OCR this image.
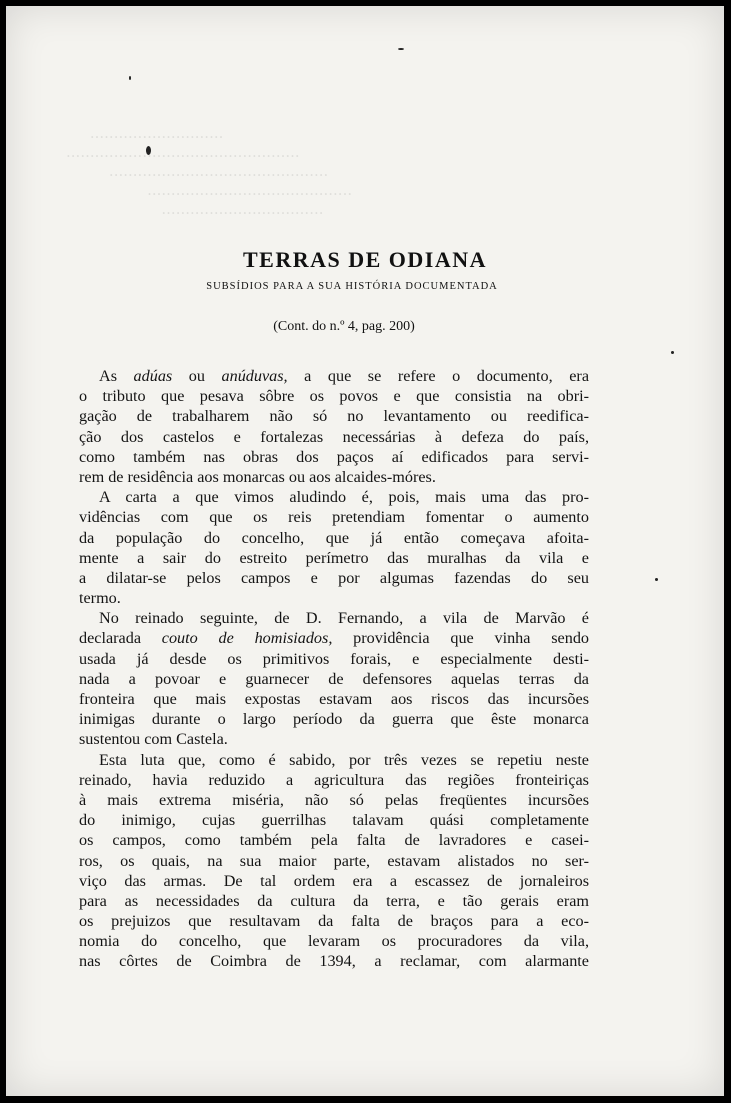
............................
.................................................
..............................................
...........................................
..................................
TERRAS DE ODIANA
SUBSÍDIOS PARA A SUA HISTÓRIA DOCUMENTADA
(Cont. do n.º 4, pag. 200)
As adúas ou anúduvas, a que se refere o documento, era
o tributo que pesava sôbre os povos e que consistia na obri-
gação de trabalharem não só no levantamento ou reedifica-
ção dos castelos e fortalezas necessárias à defeza do país,
como também nas obras dos paços aí edificados para servi-
rem de residência aos monarcas ou aos alcaides-móres.
A carta a que vimos aludindo é, pois, mais uma das pro-
vidências com que os reis pretendiam fomentar o aumento
da população do concelho, que já então começava afoita-
mente a sair do estreito perímetro das muralhas da vila e
a dilatar-se pelos campos e por algumas fazendas do seu
termo.
No reinado seguinte, de D. Fernando, a vila de Marvão é
declarada couto de homisiados, providência que vinha sendo
usada já desde os primitivos forais, e especialmente desti-
nada a povoar e guarnecer de defensores aquelas terras da
fronteira que mais expostas estavam aos riscos das incursões
inimigas durante o largo período da guerra que êste monarca
sustentou com Castela.
Esta luta que, como é sabido, por três vezes se repetiu neste
reinado, havia reduzido a agricultura das regiões fronteiriças
à mais extrema miséria, não só pelas freqüentes incursões
do inimigo, cujas guerrilhas talavam quási completamente
os campos, como também pela falta de lavradores e casei-
ros, os quais, na sua maior parte, estavam alistados no ser-
viço das armas. De tal ordem era a escassez de jornaleiros
para as necessidades da cultura da terra, e tão gerais eram
os prejuizos que resultavam da falta de braços para a eco-
nomia do concelho, que levaram os procuradores da vila,
nas côrtes de Coimbra de 1394, a reclamar, com alarmante
